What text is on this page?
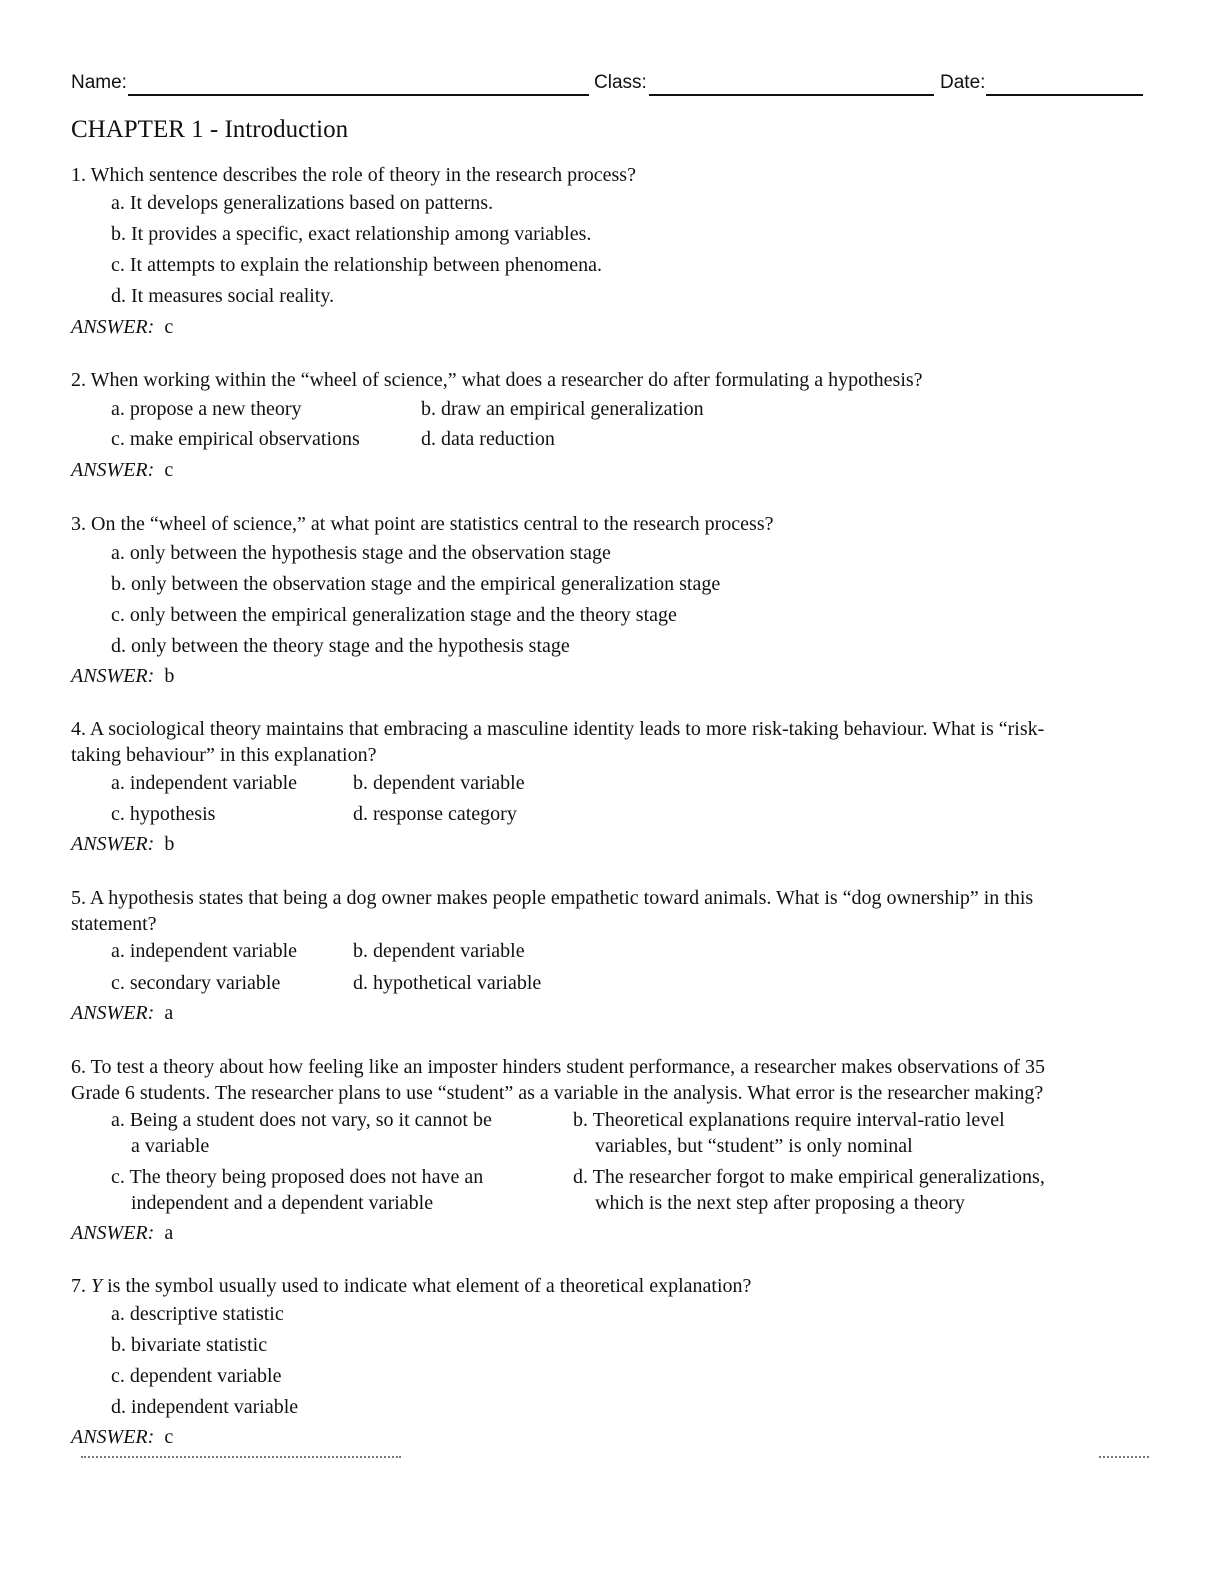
Name:	Class:	Date:
CHAPTER 1 - Introduction
1. Which sentence describes the role of theory in the research process?
a. It develops generalizations based on patterns.
b. It provides a specific, exact relationship among variables.
c. It attempts to explain the relationship between phenomena.
d. It measures social reality.
ANSWER: c
2. When working within the “wheel of science,” what does a researcher do after formulating a hypothesis?
a. propose a new theory	b. draw an empirical generalization
c. make empirical observations	d. data reduction
ANSWER: c
3. On the “wheel of science,” at what point are statistics central to the research process?
a. only between the hypothesis stage and the observation stage
b. only between the observation stage and the empirical generalization stage
c. only between the empirical generalization stage and the theory stage
d. only between the theory stage and the hypothesis stage
ANSWER: b
4. A sociological theory maintains that embracing a masculine identity leads to more risk-taking behaviour. What is “risk-
taking behaviour” in this explanation?
a. independent variable	b. dependent variable
c. hypothesis	d. response category
ANSWER: b
5. A hypothesis states that being a dog owner makes people empathetic toward animals. What is “dog ownership” in this
statement?
a. independent variable	b. dependent variable
c. secondary variable	d. hypothetical variable
ANSWER: a
6. To test a theory about how feeling like an imposter hinders student performance, a researcher makes observations of 35
Grade 6 students. The researcher plans to use “student” as a variable in the analysis. What error is the researcher making?
a. Being a student does not vary, so it cannot be
a variable
b. Theoretical explanations require interval-ratio level
variables, but “student” is only nominal
c. The theory being proposed does not have an
independent and a dependent variable
d. The researcher forgot to make empirical generalizations,
which is the next step after proposing a theory
ANSWER: a
7. Y is the symbol usually used to indicate what element of a theoretical explanation?
a. descriptive statistic
b. bivariate statistic
c. dependent variable
d. independent variable
ANSWER: c
